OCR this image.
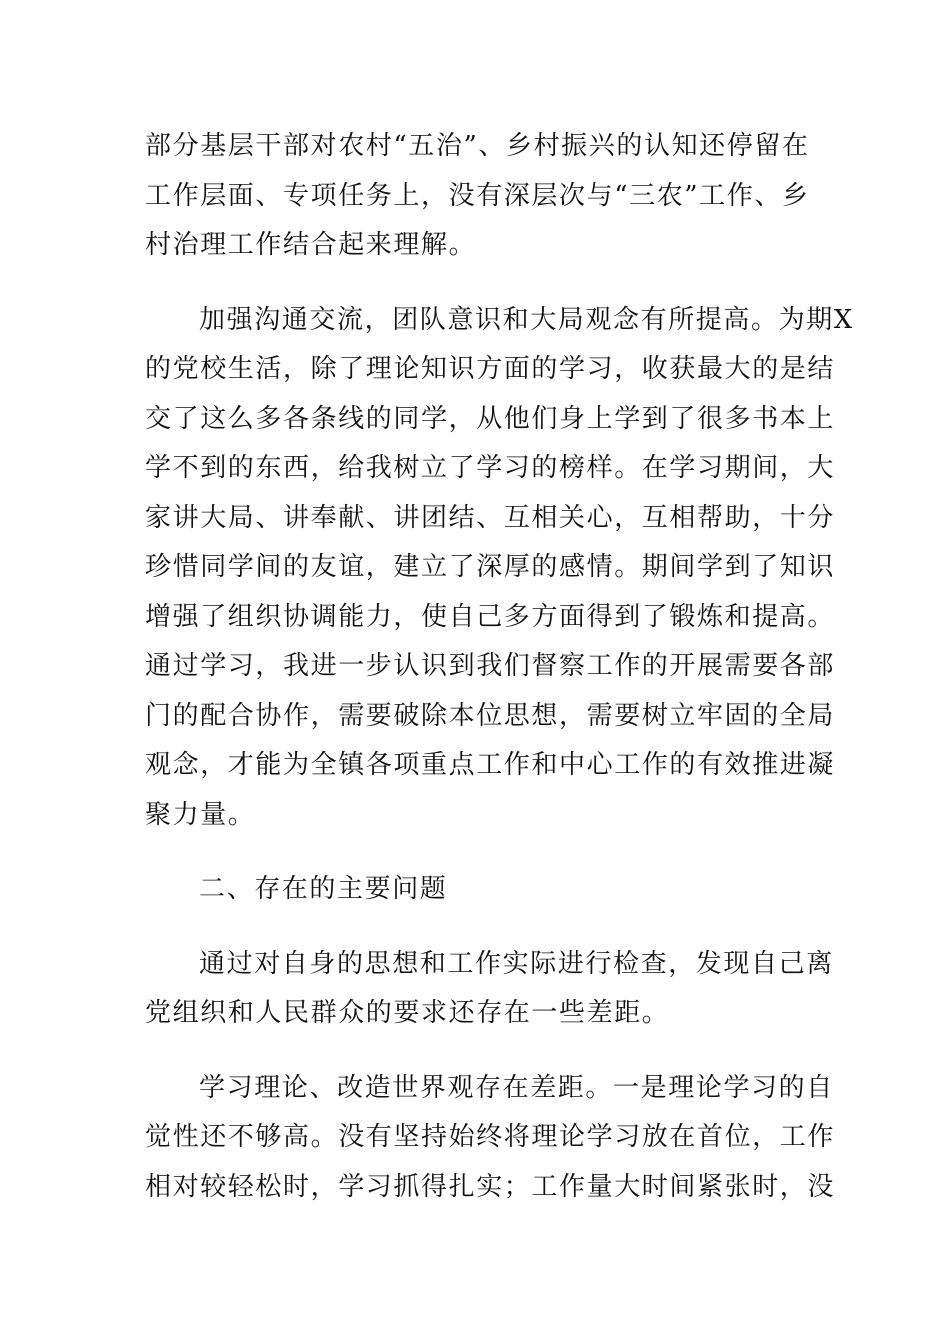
部分基层干部对农村“五治”、乡村振兴的认知还停留在
工作层面、专项任务上，没有深层次与“三农”工作、乡
村治理工作结合起来理解。

加强沟通交流，团队意识和大局观念有所提高。为期X
的党校生活，除了理论知识方面的学习，收获最大的是结
交了这么多各条线的同学，从他们身上学到了很多书本上
学不到的东西，给我树立了学习的榜样。在学习期间，大
家讲大局、讲奉献、讲团结、互相关心，互相帮助，十分
珍惜同学间的友谊，建立了深厚的感情。期间学到了知识
增强了组织协调能力，使自己多方面得到了锻炼和提高。
通过学习，我进一步认识到我们督察工作的开展需要各部
门的配合协作，需要破除本位思想，需要树立牢固的全局
观念，才能为全镇各项重点工作和中心工作的有效推进凝
聚力量。

二、存在的主要问题

通过对自身的思想和工作实际进行检查，发现自己离
党组织和人民群众的要求还存在一些差距。

学习理论、改造世界观存在差距。一是理论学习的自
觉性还不够高。没有坚持始终将理论学习放在首位，工作
相对较轻松时，学习抓得扎实；工作量大时间紧张时，没
